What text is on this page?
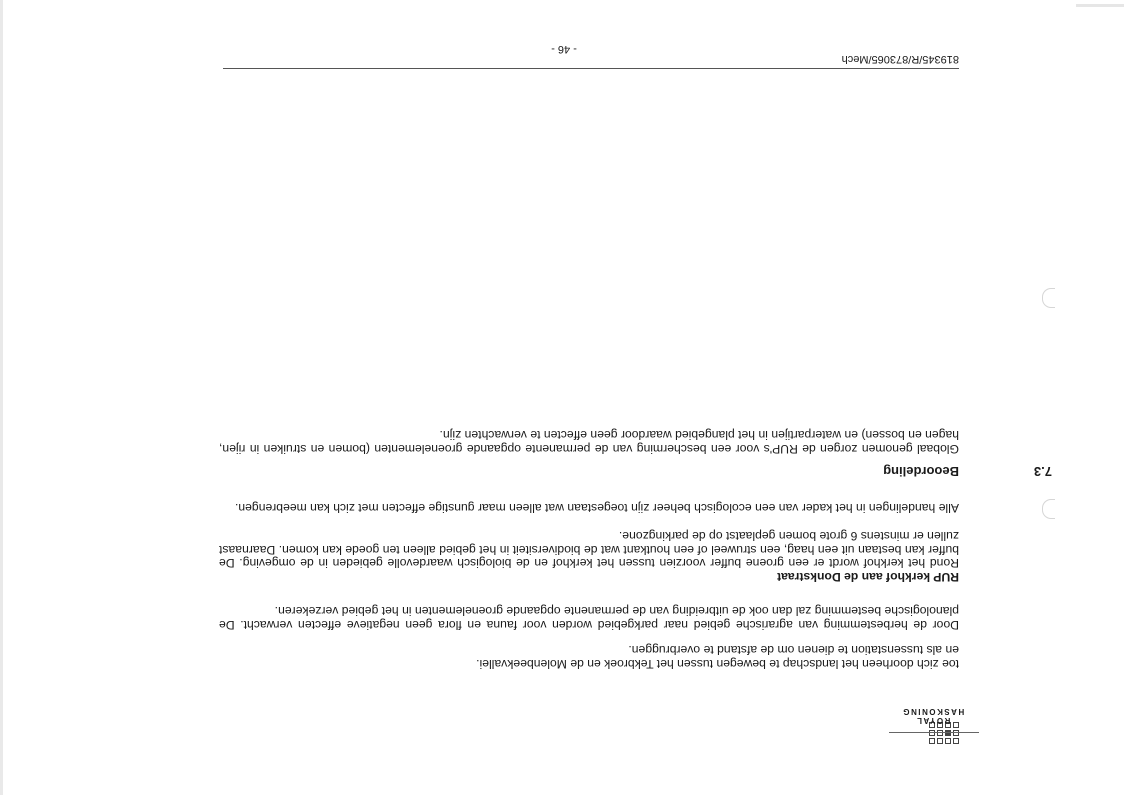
ROYAL HASKONING

toe zich doorheen het landschap te bewegen tussen het Tekbroek en de Molenbeekvallei.

en als tussenstation te dienen om de afstand te overbruggen.

Door de herbestemming van agrarische gebied naar parkgebied worden voor fauna en flora geen negatieve effecten verwacht. De planologische bestemming zal dan ook de uitbreiding van de permanente opgaande groenelementen in het gebied verzekeren.

RUP kerkhof aan de Donkstraat

Rond het kerkhof wordt er een groene buffer voorzien tussen het kerkhof en de biologisch waardevolle gebieden in de omgeving. De buffer kan bestaan uit een haag, een struweel of een houtkant wat de biodiversiteit in het gebied alleen ten goede kan komen. Daarnaast zullen er minstens 6 grote bomen geplaatst op de parkingzone.

Alle handelingen in het kader van een ecologisch beheer zijn toegestaan wat alleen maar gunstige effecten met zich kan meebrengen.

7.3
Beoordeling

Globaal genomen zorgen de RUP's voor een bescherming van de permanente opgaande groenelementen (bomen en struiken in rijen, hagen en bossen) en waterpartijen in het plangebied waardoor geen effecten te verwachten zijn.

- 46 -
819345/R/873065/Mech
